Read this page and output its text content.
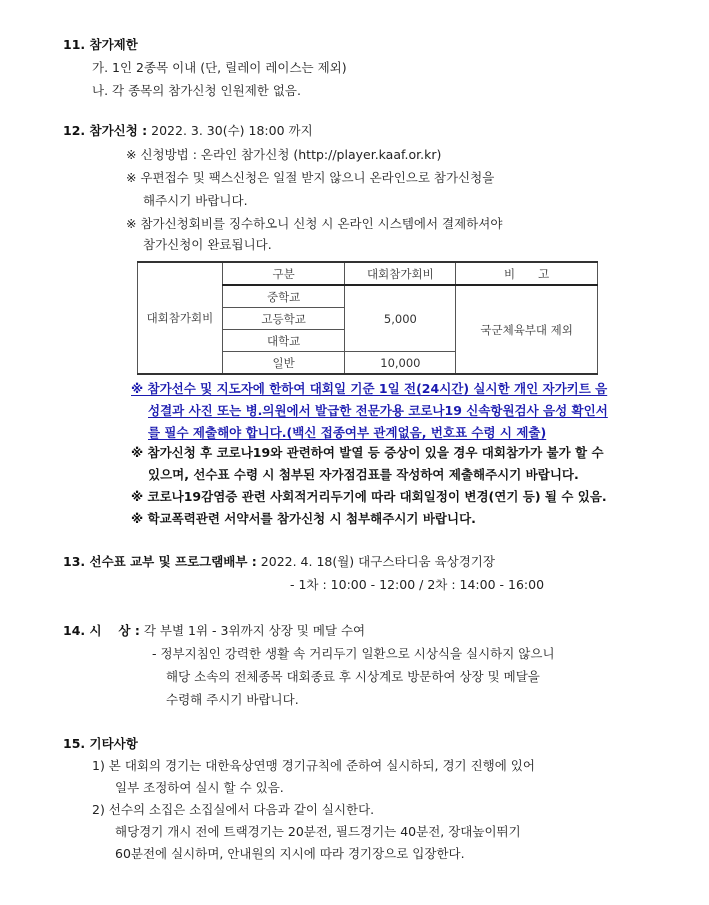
11. 참가제한
가. 1인 2종목 이내 (단, 릴레이 레이스는 제외)
나. 각 종목의 참가신청 인원제한 없음.
12. 참가신청 : 2022. 3. 30(수) 18:00 까지
※ 신청방법 : 온라인 참가신청 (http://player.kaaf.or.kr)
※ 우편접수 및 팩스신청은 일절 받지 않으니 온라인으로 참가신청을
해주시기 바랍니다.
※ 참가신청회비를 징수하오니 신청 시 온라인 시스템에서 결제하셔야
참가신청이 완료됩니다.
대회참가회비	구분	대회참가회비	비　　고
	중학교	5,000	국군체육부대 제외
	고등학교		
	대학교		
	일반	10,000	
※ 참가선수 및 지도자에 한하여 대회일 기준 1일 전(24시간) 실시한 개인 자가키트 음
성결과 사진 또는 병.의원에서 발급한 전문가용 코로나19 신속항원검사 음성 확인서
를 필수 제출해야 합니다.(백신 접종여부 관계없음, 번호표 수령 시 제출)
※ 참가신청 후 코로나19와 관련하여 발열 등 증상이 있을 경우 대회참가가 불가 할 수
있으며, 선수표 수령 시 첨부된 자가점검표를 작성하여 제출해주시기 바랍니다.
※ 코로나19감염증 관련 사회적거리두기에 따라 대회일정이 변경(연기 등) 될 수 있음.
※ 학교폭력관련 서약서를 참가신청 시 첨부해주시기 바랍니다.
13. 선수표 교부 및 프로그램배부 : 2022. 4. 18(월) 대구스타디움 육상경기장
- 1차 : 10:00 - 12:00 / 2차 : 14:00 - 16:00
14. 시　 상 : 각 부별 1위 - 3위까지 상장 및 메달 수여
- 정부지침인 강력한 생활 속 거리두기 일환으로 시상식을 실시하지 않으니
해당 소속의 전체종목 대회종료 후 시상계로 방문하여 상장 및 메달을
수령해 주시기 바랍니다.
15. 기타사항
1) 본 대회의 경기는 대한육상연맹 경기규칙에 준하여 실시하되, 경기 진행에 있어
일부 조정하여 실시 할 수 있음.
2) 선수의 소집은 소집실에서 다음과 같이 실시한다.
해당경기 개시 전에 트랙경기는 20분전, 필드경기는 40분전, 장대높이뛰기
60분전에 실시하며, 안내원의 지시에 따라 경기장으로 입장한다.
